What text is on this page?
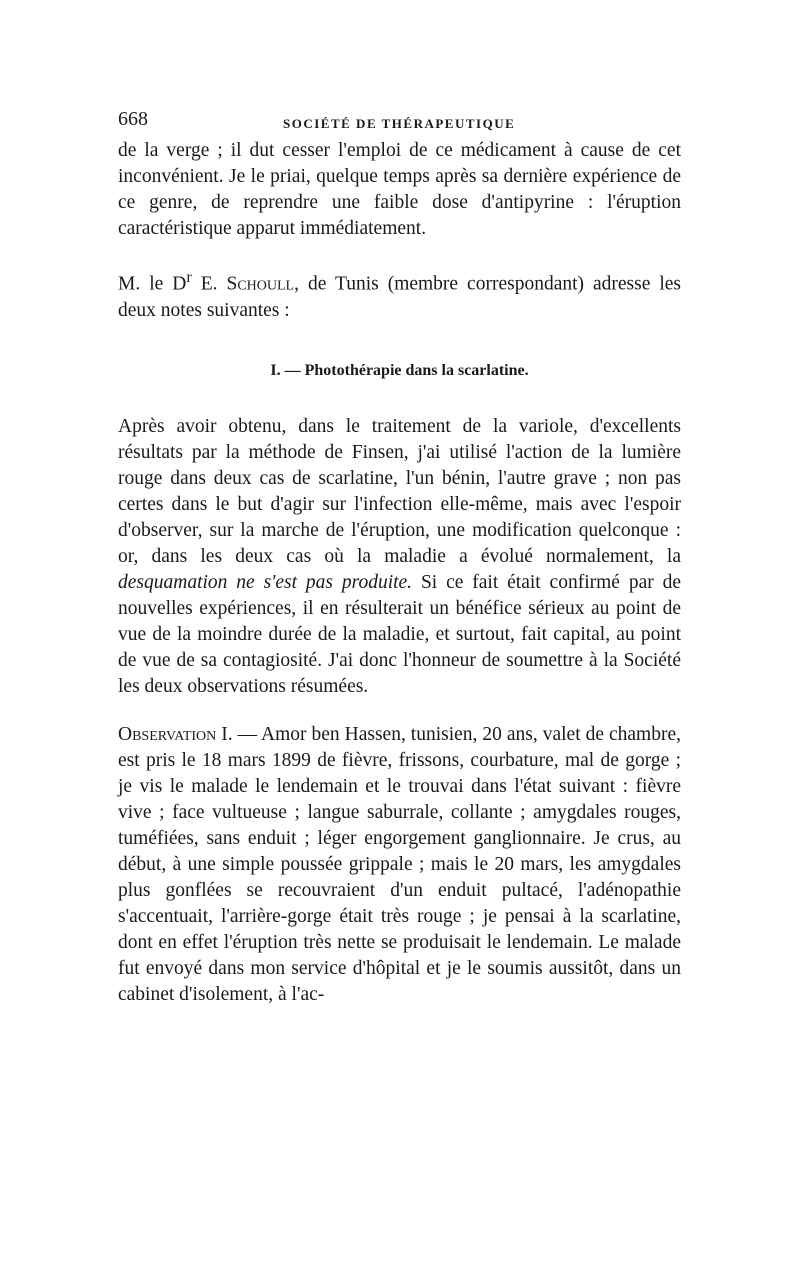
668	SOCIÉTÉ DE THÉRAPEUTIQUE

de la verge ; il dut cesser l'emploi de ce médicament à cause de cet inconvénient. Je le priai, quelque temps après sa dernière expérience de ce genre, de reprendre une faible dose d'antipyrine : l'éruption caractéristique apparut immédiatement.

M. le $D^r$ E. Schoull, de Tunis (membre correspondant) adresse les deux notes suivantes :

I. — Photothérapie dans la scarlatine.

Après avoir obtenu, dans le traitement de la variole, d'excellents résultats par la méthode de Finsen, j'ai utilisé l'action de la lumière rouge dans deux cas de scarlatine, l'un bénin, l'autre grave ; non pas certes dans le but d'agir sur l'infection elle-même, mais avec l'espoir d'observer, sur la marche de l'éruption, une modification quelconque : or, dans les deux cas où la maladie a évolué normalement, la desquamation ne s'est pas produite. Si ce fait était confirmé par de nouvelles expériences, il en résulterait un bénéfice sérieux au point de vue de la moindre durée de la maladie, et surtout, fait capital, au point de vue de sa contagiosité. J'ai donc l'honneur de soumettre à la Société les deux observations résumées.

Observation I. — Amor ben Hassen, tunisien, 20 ans, valet de chambre, est pris le 18 mars 1899 de fièvre, frissons, courbature, mal de gorge ; je vis le malade le lendemain et le trouvai dans l'état suivant : fièvre vive ; face vultueuse ; langue saburrale, collante ; amygdales rouges, tuméfiées, sans enduit ; léger engorgement ganglionnaire. Je crus, au début, à une simple poussée grippale ; mais le 20 mars, les amygdales plus gonflées se recouvraient d'un enduit pultacé, l'adénopathie s'accentuait, l'arrière-gorge était très rouge ; je pensai à la scarlatine, dont en effet l'éruption très nette se produisait le lendemain. Le malade fut envoyé dans mon service d'hôpital et je le soumis aussitôt, dans un cabinet d'isolement, à l'ac-
